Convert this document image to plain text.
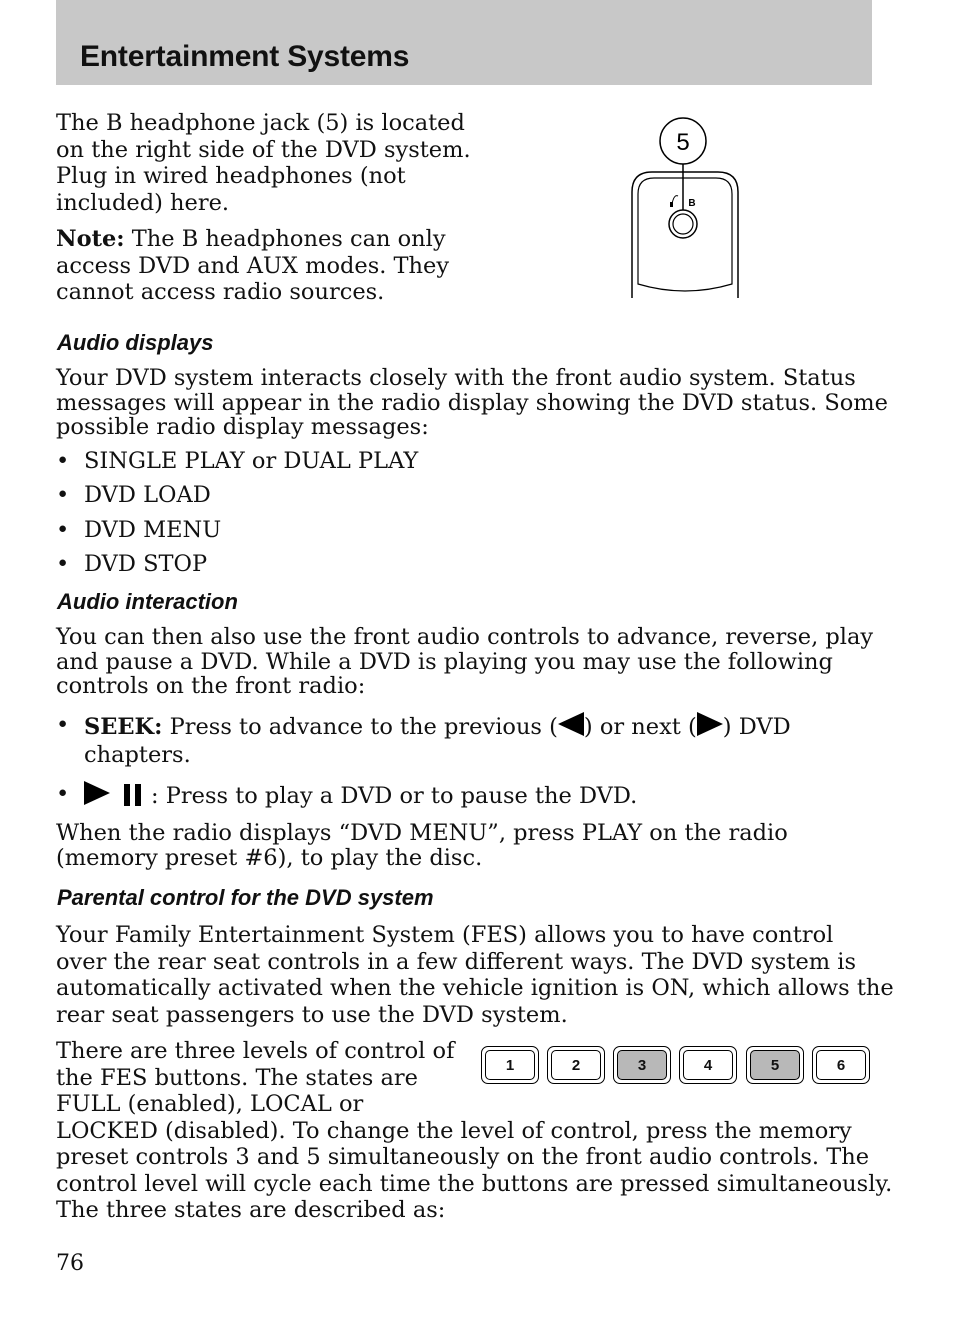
Entertainment Systems
The B headphone jack (5) is located
on the right side of the DVD system.
Plug in wired headphones (not
included) here.
Note: The B headphones can only
access DVD and AUX modes. They
cannot access radio sources.
5
B
Audio displays
Your DVD system interacts closely with the front audio system. Status
messages will appear in the radio display showing the DVD status. Some
possible radio display messages:
• SINGLE PLAY or DUAL PLAY
• DVD LOAD
• DVD MENU
• DVD STOP
Audio interaction
You can then also use the front audio controls to advance, reverse, play
and pause a DVD. While a DVD is playing you may use the following
controls on the front radio:
• SEEK: Press to advance to the previous ( ) or next ( ) DVD
chapters.
•	: Press to play a DVD or to pause the DVD.
When the radio displays “DVD MENU”, press PLAY on the radio
(memory preset #6), to play the disc.
Parental control for the DVD system
Your Family Entertainment System (FES) allows you to have control
over the rear seat controls in a few different ways. The DVD system is
automatically activated when the vehicle ignition is ON, which allows the
rear seat passengers to use the DVD system.
There are three levels of control of
the FES buttons. The states are
FULL (enabled), LOCAL or
LOCKED (disabled). To change the level of control, press the memory
preset controls 3 and 5 simultaneously on the front audio controls. The
control level will cycle each time the buttons are pressed simultaneously.
The three states are described as:
1	2	3	4	5	6
76
